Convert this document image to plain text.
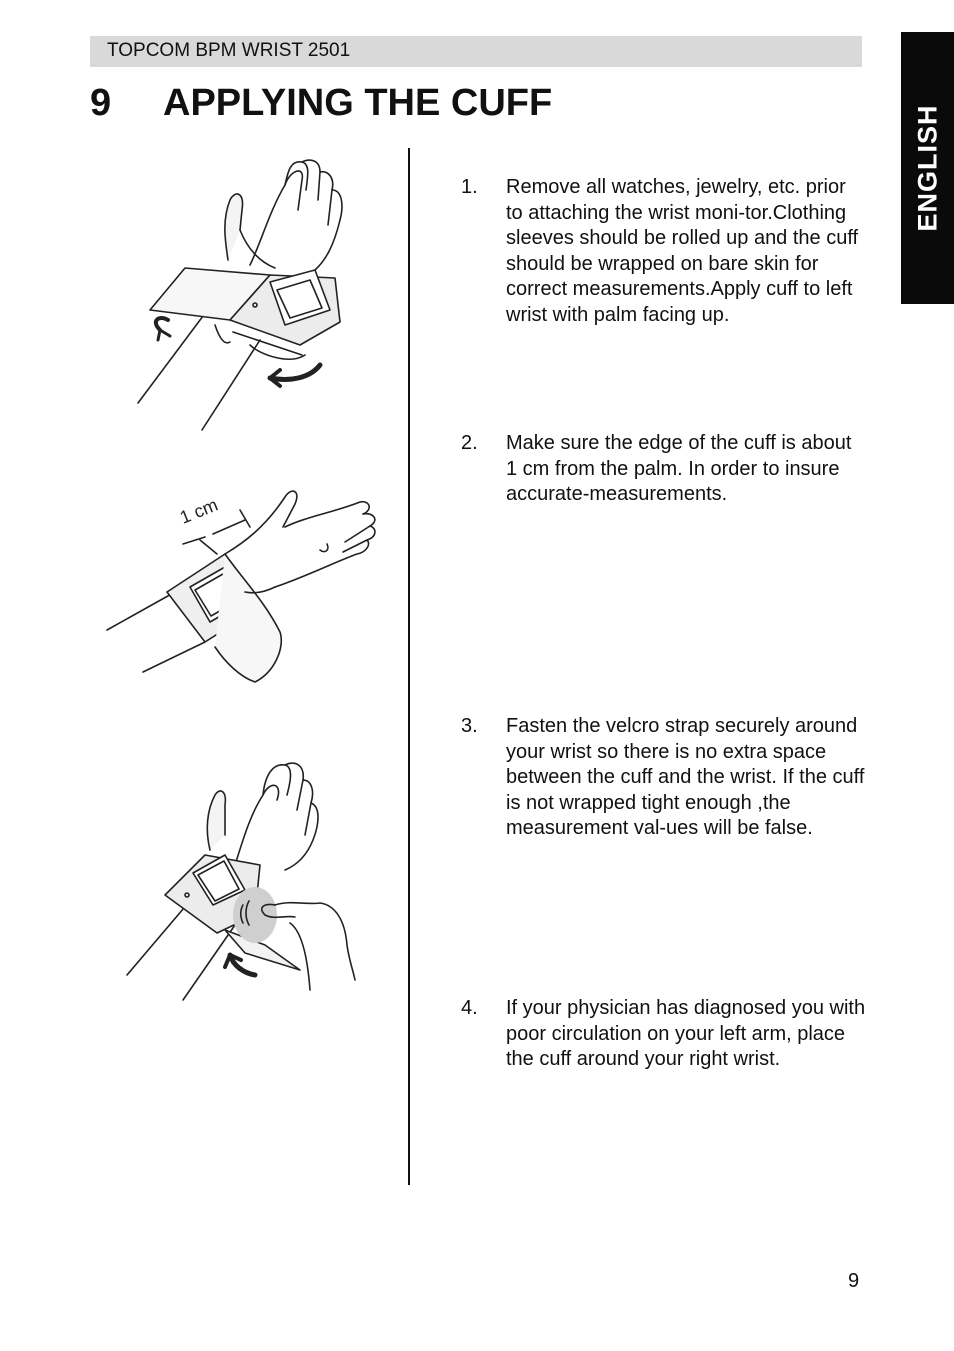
TOPCOM BPM WRIST 2501
ENGLISH
9 APPLYING THE CUFF
1 cm
1. Remove all watches, jewelry, etc. prior to attaching the wrist moni-tor.Clothing sleeves should be rolled up and the cuff should be wrapped on bare skin for correct measurements.Apply cuff to left wrist with palm facing up.
2. Make sure the edge of the cuff is about 1 cm from the palm. In order to insure accurate-measurements.
3. Fasten the velcro strap securely around your wrist so there is no extra space between the cuff and the wrist. If the cuff is not wrapped tight enough ,the measurement val-ues will be false.
4. If your physician has diagnosed you with poor circulation on your left arm, place the cuff around your right wrist.
9
